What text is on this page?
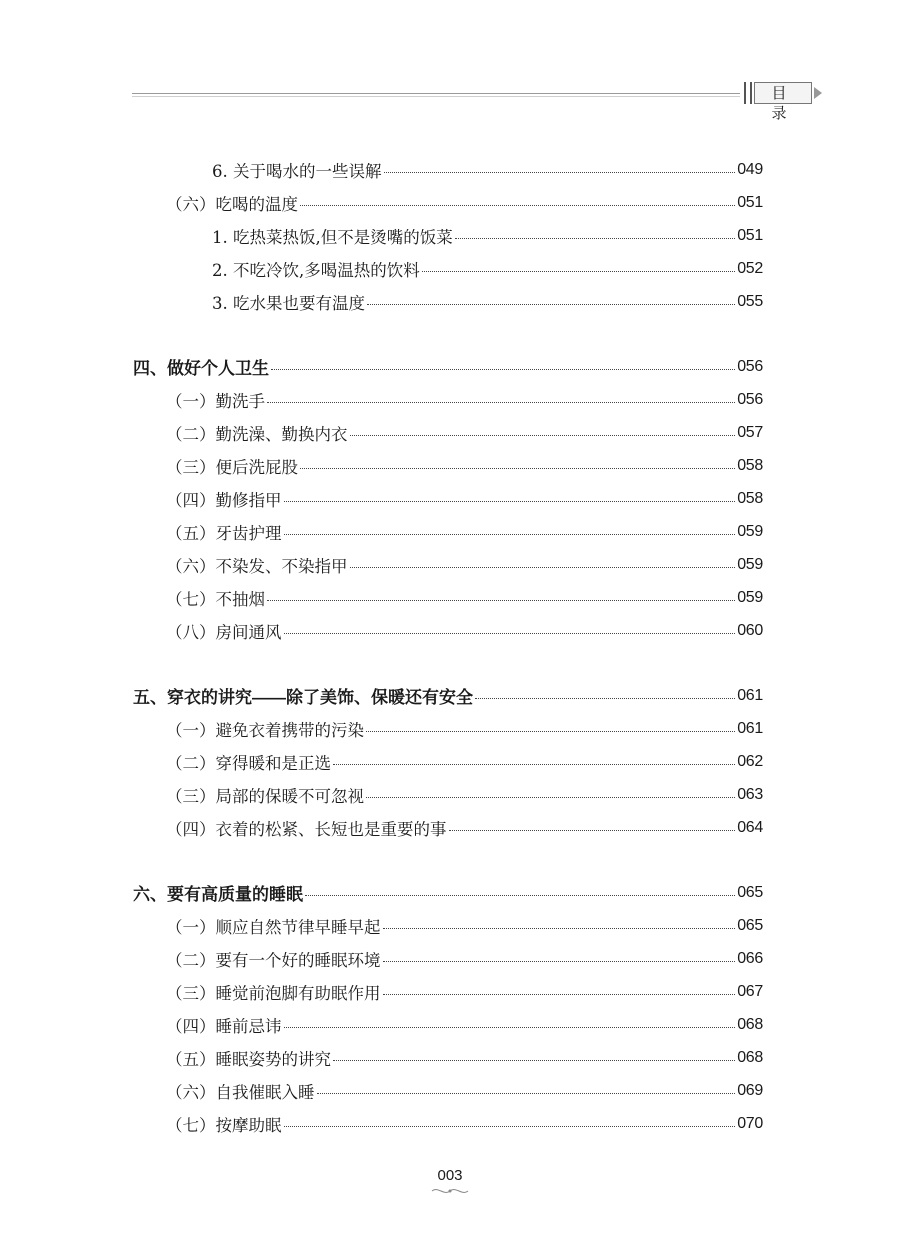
目 录
6. 关于喝水的一些误解	049
（六）吃喝的温度	051
1. 吃热菜热饭,但不是烫嘴的饭菜	051
2. 不吃冷饮,多喝温热的饮料	052
3. 吃水果也要有温度	055
四、做好个人卫生	056
（一）勤洗手	056
（二）勤洗澡、勤换内衣	057
（三）便后洗屁股	058
（四）勤修指甲	058
（五）牙齿护理	059
（六）不染发、不染指甲	059
（七）不抽烟	059
（八）房间通风	060
五、穿衣的讲究——除了美饰、保暖还有安全	061
（一）避免衣着携带的污染	061
（二）穿得暖和是正选	062
（三）局部的保暖不可忽视	063
（四）衣着的松紧、长短也是重要的事	064
六、要有高质量的睡眠	065
（一）顺应自然节律早睡早起	065
（二）要有一个好的睡眠环境	066
（三）睡觉前泡脚有助眠作用	067
（四）睡前忌讳	068
（五）睡眠姿势的讲究	068
（六）自我催眠入睡	069
（七）按摩助眠	070
003
